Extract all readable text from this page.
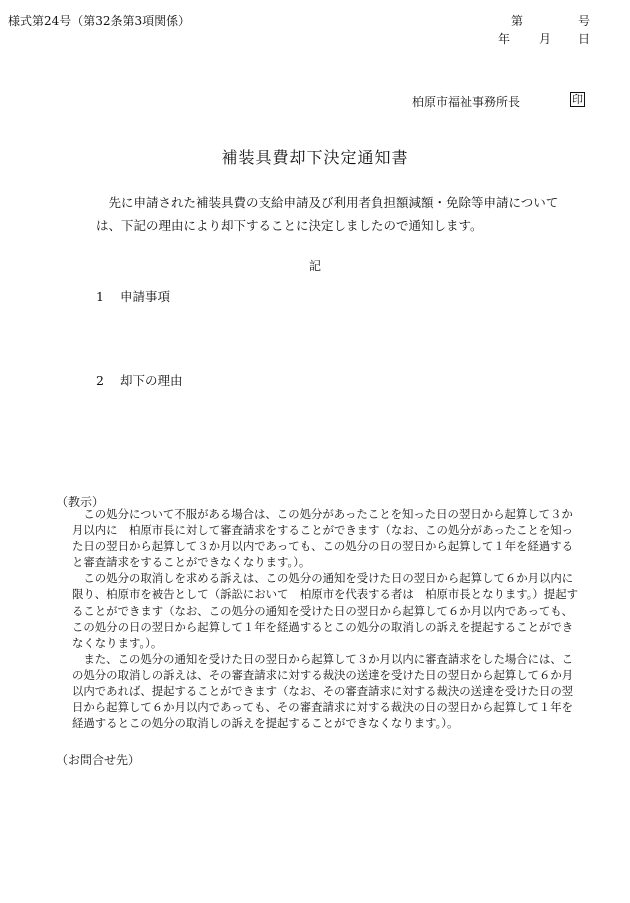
様式第24号（第32条第3項関係）	第	号
年 月 日
柏原市福祉事務所長	印
補装具費却下決定通知書
　先に申請された補装具費の支給申請及び利用者負担額減額・免除等申請については、下記の理由により却下することに決定しましたので通知します。
記
1 申請事項
2 却下の理由
（教示）

この処分について不服がある場合は、この処分があったことを知った日の翌日から起算して３か月以内に　柏原市長に対して審査請求をすることができます（なお、この処分があったことを知った日の翌日から起算して３か月以内であっても、この処分の日の翌日から起算して１年を経過すると審査請求をすることができなくなります。）。

この処分の取消しを求める訴えは、この処分の通知を受けた日の翌日から起算して６か月以内に限り、柏原市を被告として（訴訟において　柏原市を代表する者は　柏原市長となります。）提起することができます（なお、この処分の通知を受けた日の翌日から起算して６か月以内であっても、この処分の日の翌日から起算して１年を経過するとこの処分の取消しの訴えを提起することができなくなります。）。

また、この処分の通知を受けた日の翌日から起算して３か月以内に審査請求をした場合には、この処分の取消しの訴えは、その審査請求に対する裁決の送達を受けた日の翌日から起算して６か月以内であれば、提起することができます（なお、その審査請求に対する裁決の送達を受けた日の翌日から起算して６か月以内であっても、その審査請求に対する裁決の日の翌日から起算して１年を経過するとこの処分の取消しの訴えを提起することができなくなります。）。

（お問合せ先）
